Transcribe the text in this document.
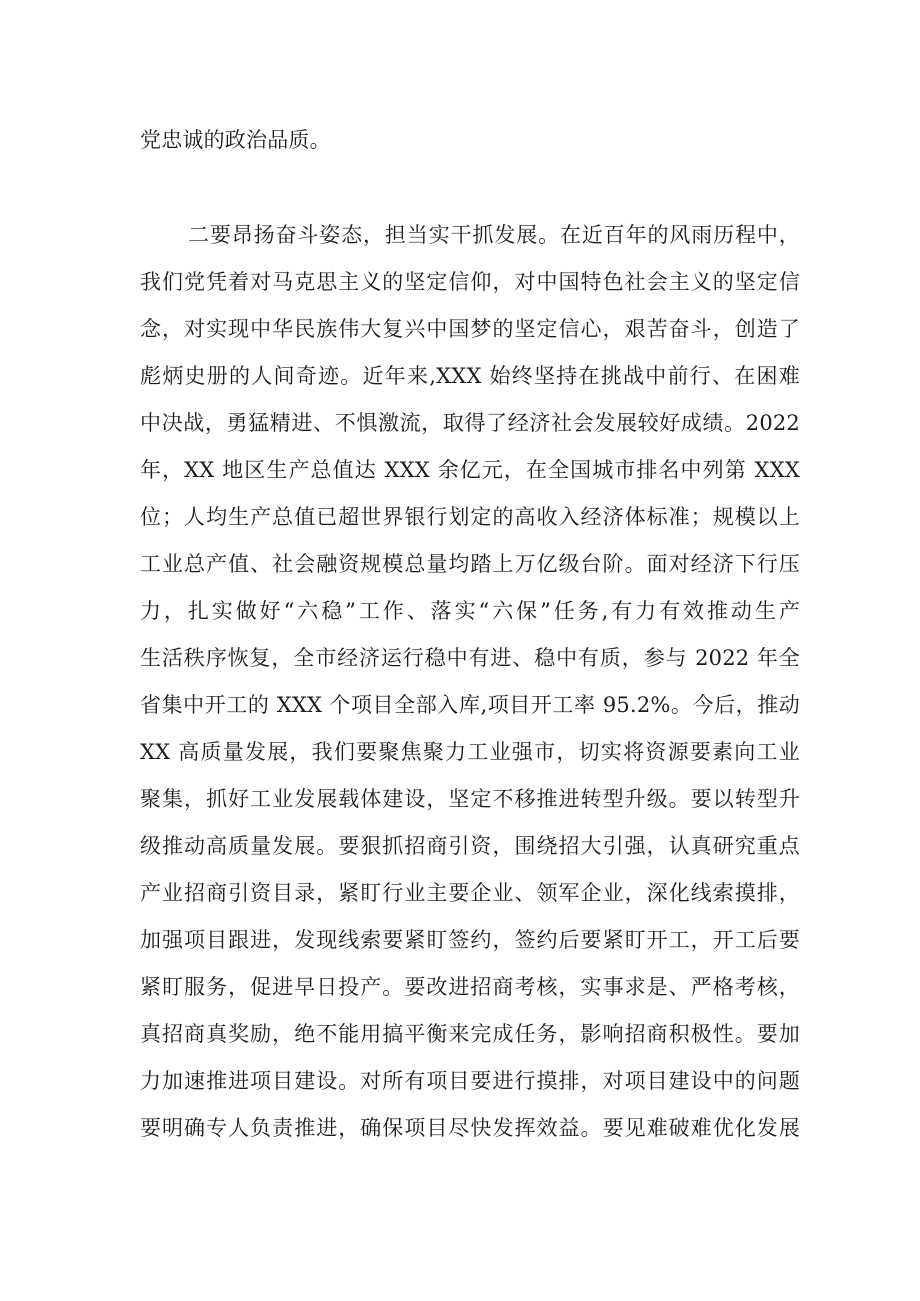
党忠诚的政治品质。
二要昂扬奋斗姿态，担当实干抓发展。在近百年的风雨历程中，
我们党凭着对马克思主义的坚定信仰，对中国特色社会主义的坚定信
念，对实现中华民族伟大复兴中国梦的坚定信心，艰苦奋斗，创造了
彪炳史册的人间奇迹。近年来,XXX 始终坚持在挑战中前行、在困难
中决战，勇猛精进、不惧激流，取得了经济社会发展较好成绩。2022
年，XX 地区生产总值达 XXX 余亿元，在全国城市排名中列第 XXX
位；人均生产总值已超世界银行划定的高收入经济体标准；规模以上
工业总产值、社会融资规模总量均踏上万亿级台阶。面对经济下行压
力，扎实做好“六稳”工作、落实“六保”任务,有力有效推动生产
生活秩序恢复，全市经济运行稳中有进、稳中有质，参与 2022 年全
省集中开工的 XXX 个项目全部入库,项目开工率 95.2%。今后，推动
XX 高质量发展，我们要聚焦聚力工业强市，切实将资源要素向工业
聚集，抓好工业发展载体建设，坚定不移推进转型升级。要以转型升
级推动高质量发展。要狠抓招商引资，围绕招大引强，认真研究重点
产业招商引资目录，紧盯行业主要企业、领军企业，深化线索摸排，
加强项目跟进，发现线索要紧盯签约，签约后要紧盯开工，开工后要
紧盯服务，促进早日投产。要改进招商考核，实事求是、严格考核，
真招商真奖励，绝不能用搞平衡来完成任务，影响招商积极性。要加
力加速推进项目建设。对所有项目要进行摸排，对项目建设中的问题
要明确专人负责推进，确保项目尽快发挥效益。要见难破难优化发展
